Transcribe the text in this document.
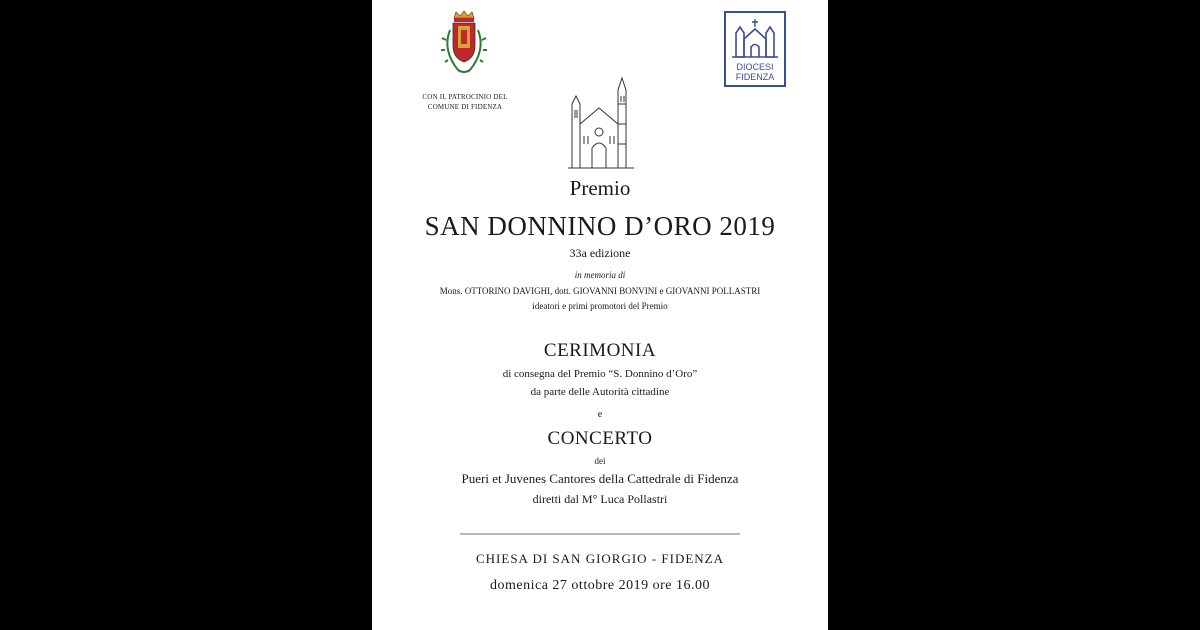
CON IL PATROCINIO DEL
COMUNE DI FIDENZA
DIOCESI
FIDENZA
Premio
SAN DONNINO D’ORO 2019
33a edizione
in memoria di
Mons. OTTORINO DAVIGHI, dott. GIOVANNI BONVINI e GIOVANNI POLLASTRI
ideatori e primi promotori del Premio
CERIMONIA
di consegna del Premio “S. Donnino d’Oro”
da parte delle Autorità cittadine
e
CONCERTO
dei
Pueri et Juvenes Cantores della Cattedrale di Fidenza
diretti dal M° Luca Pollastri
CHIESA DI SAN GIORGIO - FIDENZA
domenica 27 ottobre 2019 ore 16.00
